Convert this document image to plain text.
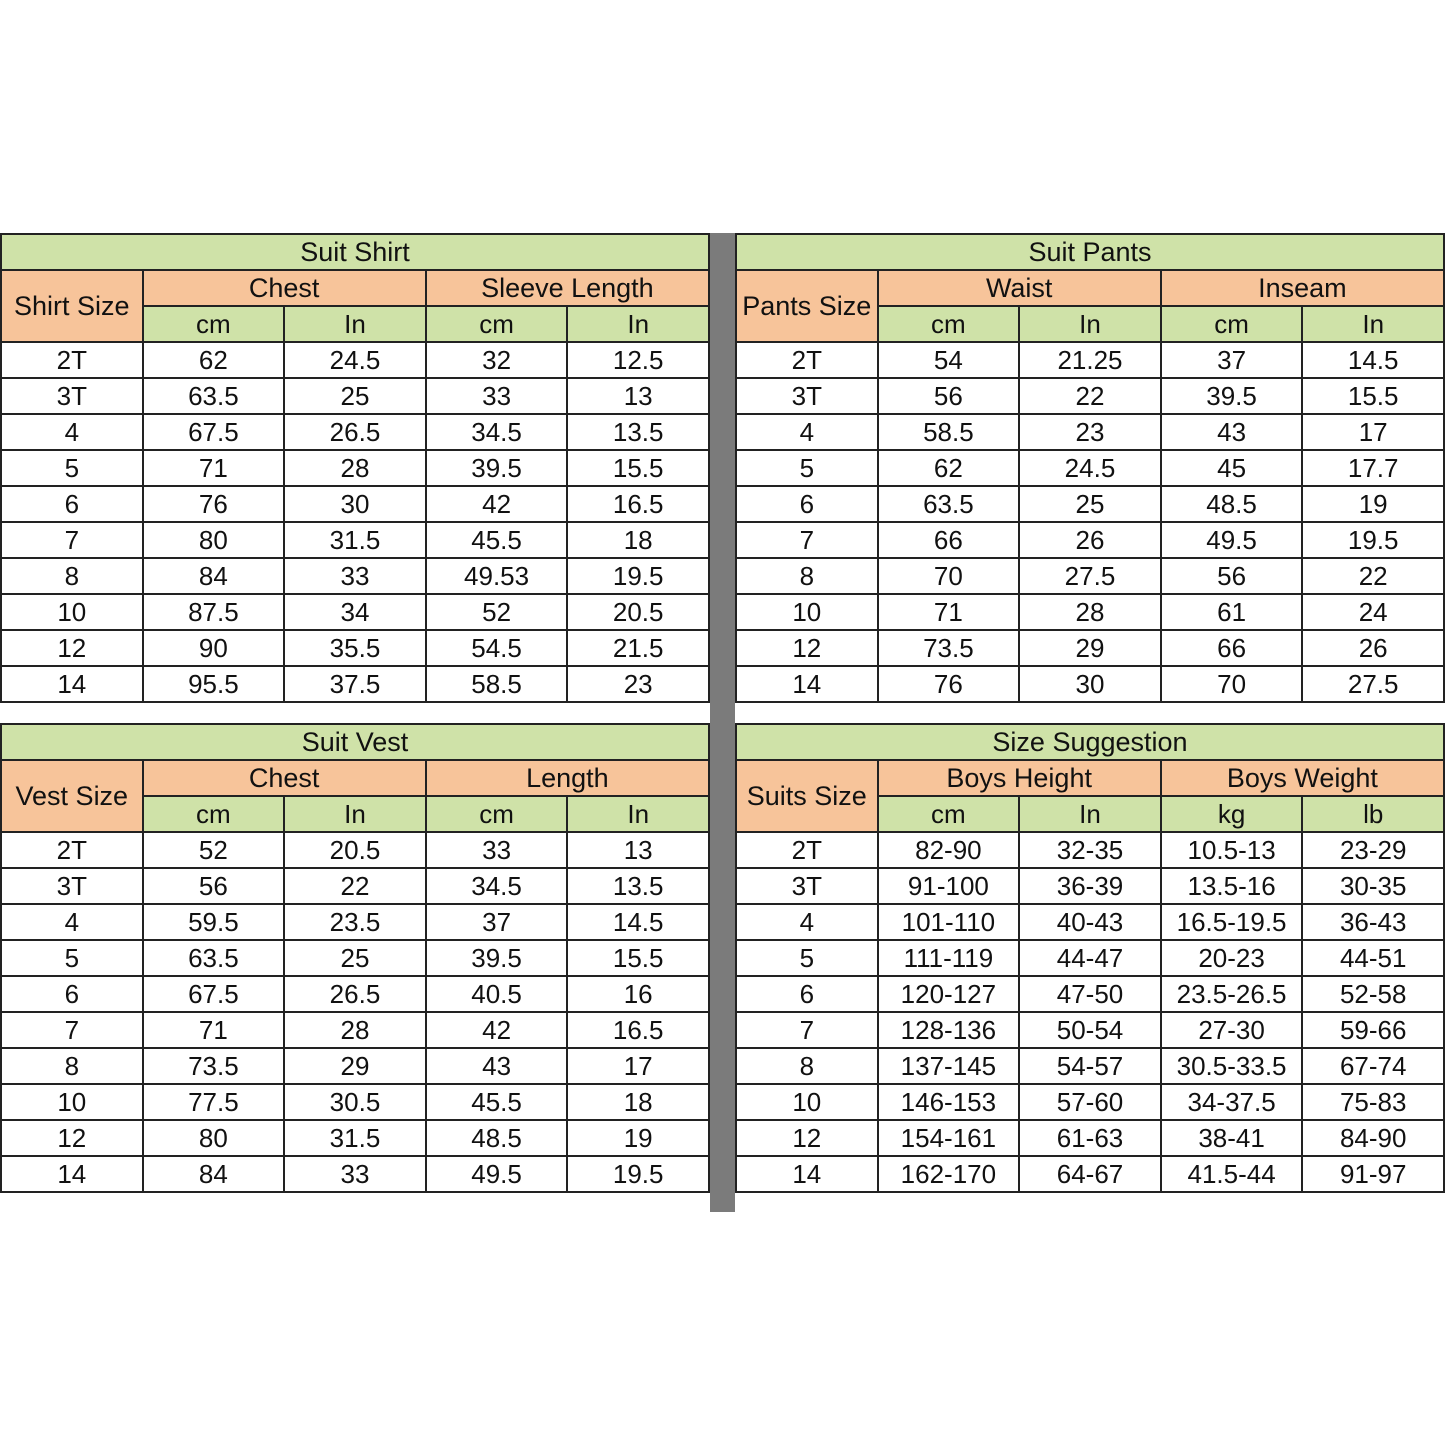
Suit Shirt				
Shirt Size	Chest		Sleeve Length	
	cm	In	cm	In
2T	62	24.5	32	12.5
3T	63.5	25	33	13
4	67.5	26.5	34.5	13.5
5	71	28	39.5	15.5
6	76	30	42	16.5
7	80	31.5	45.5	18
8	84	33	49.53	19.5
10	87.5	34	52	20.5
12	90	35.5	54.5	21.5
14	95.5	37.5	58.5	23
Suit Pants				
Pants Size	Waist		Inseam	
	cm	In	cm	In
2T	54	21.25	37	14.5
3T	56	22	39.5	15.5
4	58.5	23	43	17
5	62	24.5	45	17.7
6	63.5	25	48.5	19
7	66	26	49.5	19.5
8	70	27.5	56	22
10	71	28	61	24
12	73.5	29	66	26
14	76	30	70	27.5
Suit Vest				
Vest Size	Chest		Length	
	cm	In	cm	In
2T	52	20.5	33	13
3T	56	22	34.5	13.5
4	59.5	23.5	37	14.5
5	63.5	25	39.5	15.5
6	67.5	26.5	40.5	16
7	71	28	42	16.5
8	73.5	29	43	17
10	77.5	30.5	45.5	18
12	80	31.5	48.5	19
14	84	33	49.5	19.5
Size Suggestion				
Suits Size	Boys Height		Boys Weight	
	cm	In	kg	lb
2T	82-90	32-35	10.5-13	23-29
3T	91-100	36-39	13.5-16	30-35
4	101-110	40-43	16.5-19.5	36-43
5	111-119	44-47	20-23	44-51
6	120-127	47-50	23.5-26.5	52-58
7	128-136	50-54	27-30	59-66
8	137-145	54-57	30.5-33.5	67-74
10	146-153	57-60	34-37.5	75-83
12	154-161	61-63	38-41	84-90
14	162-170	64-67	41.5-44	91-97
